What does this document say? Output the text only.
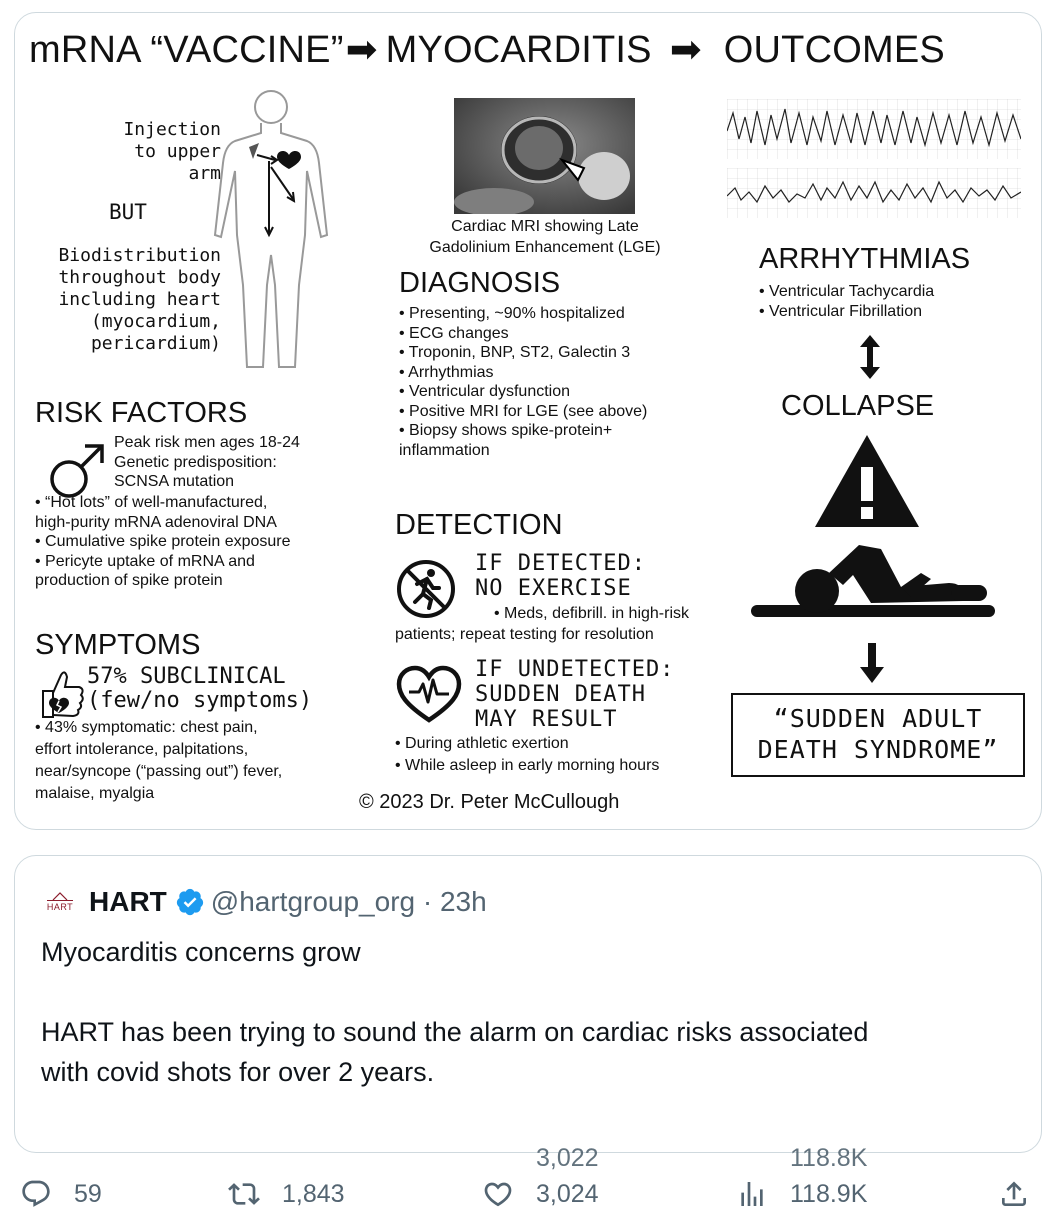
mRNA “VACCINE”➡ MYOCARDITIS ➡ OUTCOMES
Injection
to upper
arm
BUT
Biodistribution
throughout body
including heart
(myocardium,
pericardium)
Cardiac MRI showing Late
Gadolinium Enhancement (LGE)
DIAGNOSIS
• Presenting, ~90% hospitalized
• ECG changes
• Troponin, BNP, ST2, Galectin 3
• Arrhythmias
• Ventricular dysfunction
• Positive MRI for LGE (see above)
• Biopsy shows spike-protein+
inflammation
RISK FACTORS
Peak risk men ages 18-24
Genetic predisposition:
SCNSA mutation
• “Hot lots” of well-manufactured,
high-purity mRNA adenoviral DNA
• Cumulative spike protein exposure
• Pericyte uptake of mRNA and
production of spike protein
SYMPTOMS
57% SUBCLINICAL
(few/no symptoms)
• 43% symptomatic: chest pain,
effort intolerance, palpitations,
near/syncope (“passing out”) fever,
malaise, myalgia
DETECTION
IF DETECTED:
NO EXERCISE
• Meds, defibrill. in high-risk
patients; repeat testing for resolution
IF UNDETECTED:
SUDDEN DEATH
MAY RESULT
• During athletic exertion
• While asleep in early morning hours
ARRHYTHMIAS
• Ventricular Tachycardia
• Ventricular Fibrillation
COLLAPSE
“SUDDEN ADULT
DEATH SYNDROME”
© 2023 Dr. Peter McCullough
HART HART @hartgroup_org · 23h
Myocarditis concerns grow
HART has been trying to sound the alarm on cardiac risks associated
with covid shots for over 2 years.
59	1,843
3,022
3,024
118.8K
118.9K
